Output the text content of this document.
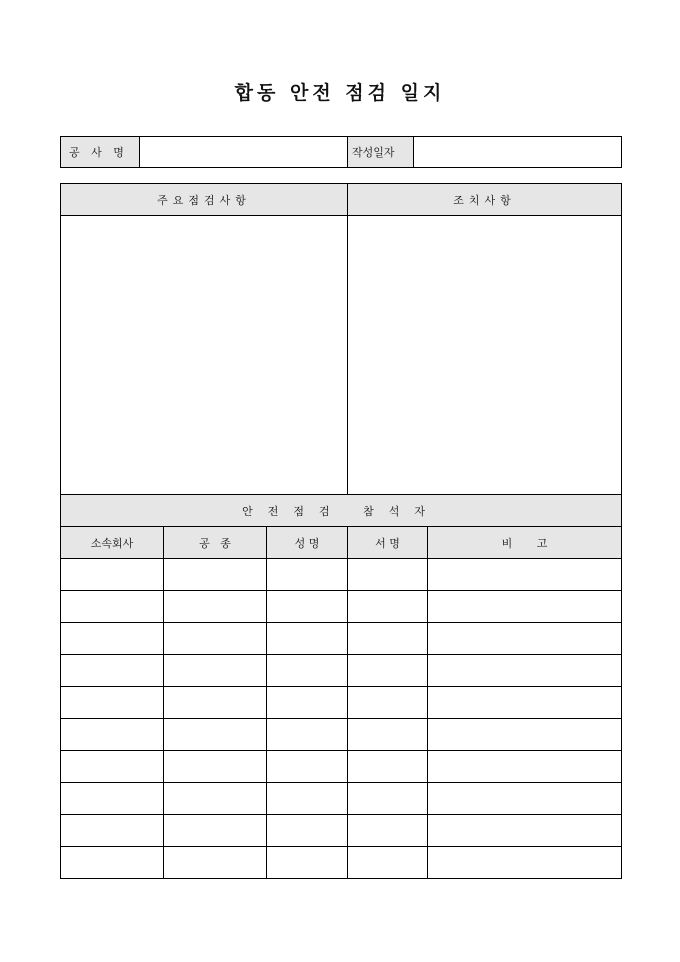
합동 안전 점검 일지
공 사 명		작성일자	
주요점검사항			조치사항	

안전점검 참석자				
소속회사	공   종	성 명	서 명	비       고
